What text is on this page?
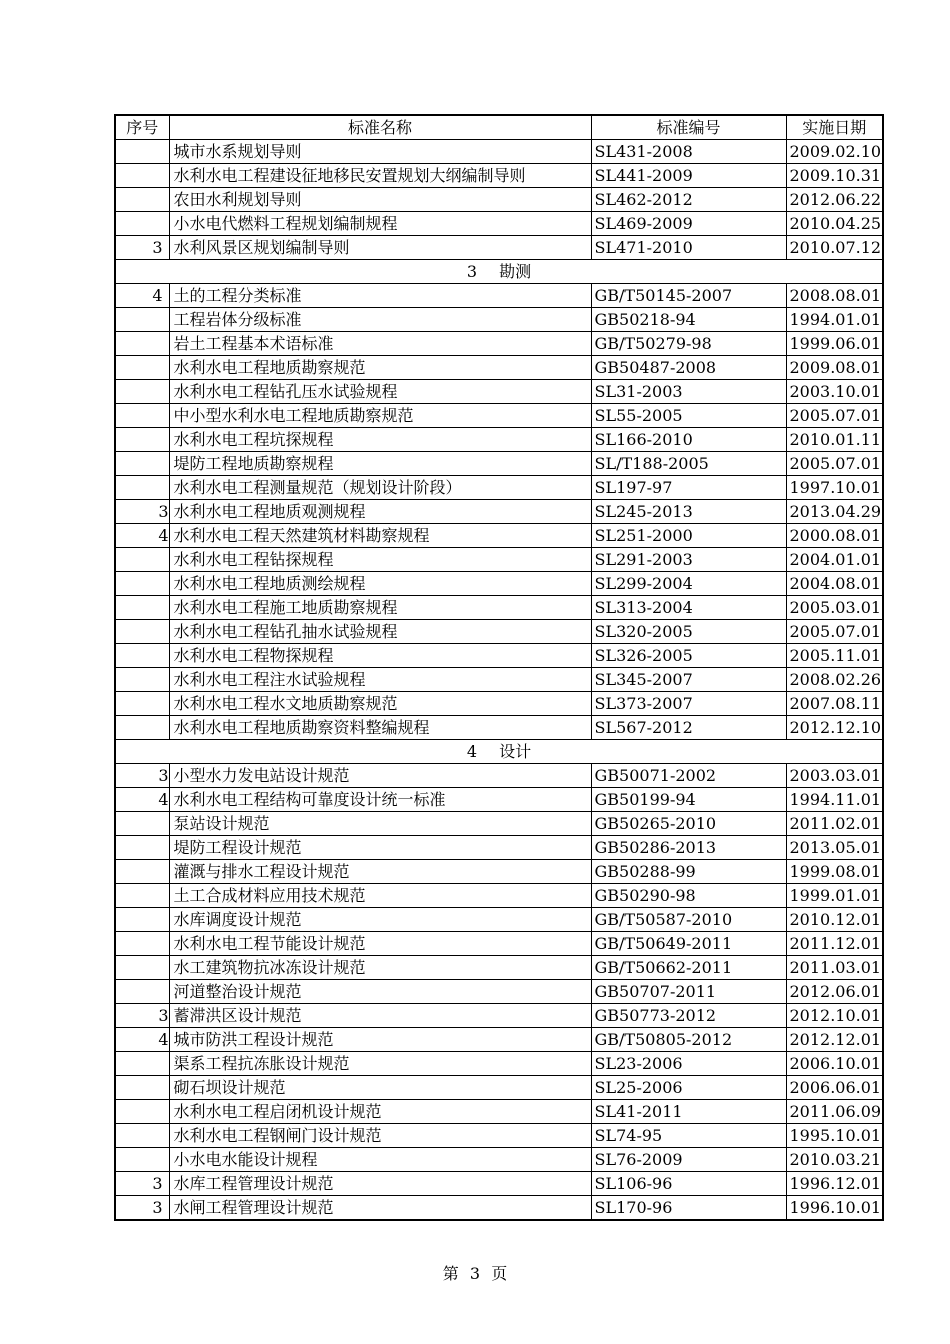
序号	标准名称	标准编号	实施日期
	城市水系规划导则	SL431-2008	2009.02.10
	水利水电工程建设征地移民安置规划大纲编制导则	SL441-2009	2009.10.31
	农田水利规划导则	SL462-2012	2012.06.22
	小水电代燃料工程规划编制规程	SL469-2009	2010.04.25
3	水利风景区规划编制导则	SL471-2010	2010.07.12
3 勘测			
4	土的工程分类标准	GB/T50145-2007	2008.08.01
	工程岩体分级标准	GB50218-94	1994.01.01
	岩土工程基本术语标准	GB/T50279-98	1999.06.01
	水利水电工程地质勘察规范	GB50487-2008	2009.08.01
	水利水电工程钻孔压水试验规程	SL31-2003	2003.10.01
	中小型水利水电工程地质勘察规范	SL55-2005	2005.07.01
	水利水电工程坑探规程	SL166-2010	2010.01.11
	堤防工程地质勘察规程	SL/T188-2005	2005.07.01
	水利水电工程测量规范（规划设计阶段）	SL197-97	1997.10.01
3	水利水电工程地质观测规程	SL245-2013	2013.04.29
4	水利水电工程天然建筑材料勘察规程	SL251-2000	2000.08.01
	水利水电工程钻探规程	SL291-2003	2004.01.01
	水利水电工程地质测绘规程	SL299-2004	2004.08.01
	水利水电工程施工地质勘察规程	SL313-2004	2005.03.01
	水利水电工程钻孔抽水试验规程	SL320-2005	2005.07.01
	水利水电工程物探规程	SL326-2005	2005.11.01
	水利水电工程注水试验规程	SL345-2007	2008.02.26
	水利水电工程水文地质勘察规范	SL373-2007	2007.08.11
	水利水电工程地质勘察资料整编规程	SL567-2012	2012.12.10
4 设计			
3	小型水力发电站设计规范	GB50071-2002	2003.03.01
4	水利水电工程结构可靠度设计统一标准	GB50199-94	1994.11.01
	泵站设计规范	GB50265-2010	2011.02.01
	堤防工程设计规范	GB50286-2013	2013.05.01
	灌溉与排水工程设计规范	GB50288-99	1999.08.01
	土工合成材料应用技术规范	GB50290-98	1999.01.01
	水库调度设计规范	GB/T50587-2010	2010.12.01
	水利水电工程节能设计规范	GB/T50649-2011	2011.12.01
	水工建筑物抗冰冻设计规范	GB/T50662-2011	2011.03.01
	河道整治设计规范	GB50707-2011	2012.06.01
3	蓄滞洪区设计规范	GB50773-2012	2012.10.01
4	城市防洪工程设计规范	GB/T50805-2012	2012.12.01
	渠系工程抗冻胀设计规范	SL23-2006	2006.10.01
	砌石坝设计规范	SL25-2006	2006.06.01
	水利水电工程启闭机设计规范	SL41-2011	2011.06.09
	水利水电工程钢闸门设计规范	SL74-95	1995.10.01
	小水电水能设计规程	SL76-2009	2010.03.21
3	水库工程管理设计规范	SL106-96	1996.12.01
3	水闸工程管理设计规范	SL170-96	1996.10.01
第 3 页
